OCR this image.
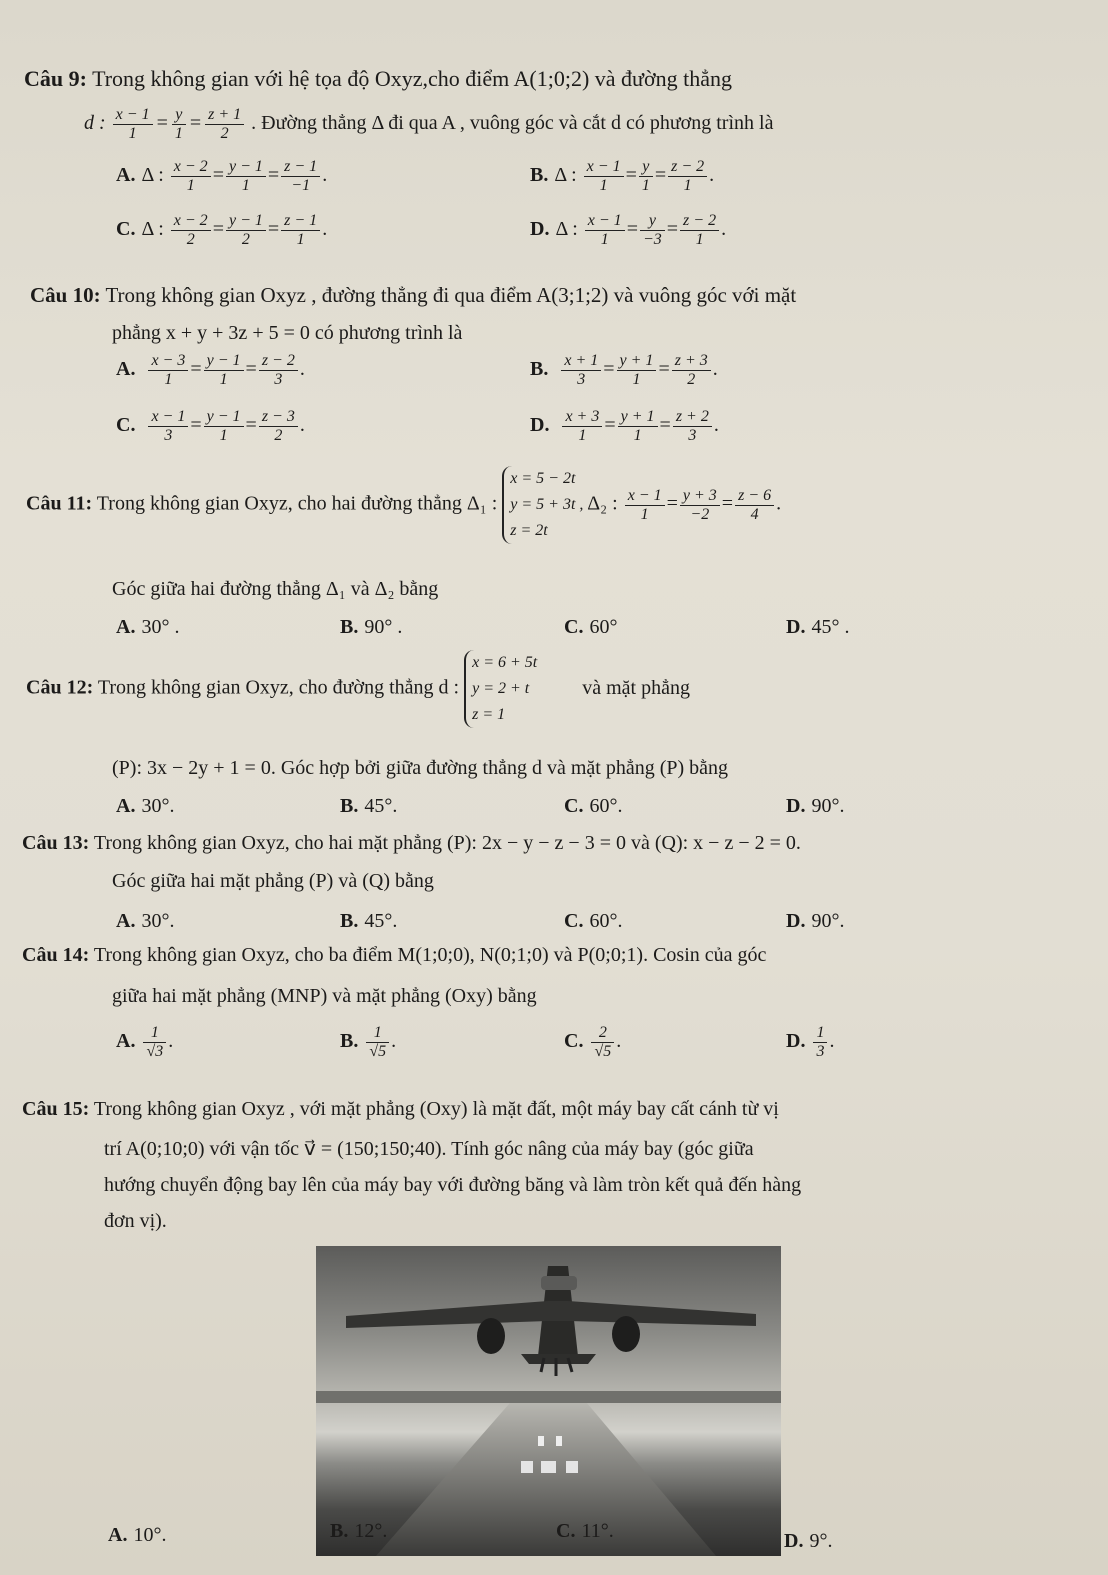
Câu 9: Trong không gian với hệ tọa độ Oxyz,cho điểm A(1;0;2) và đường thẳng
d : $\frac{x - 1}{1} = \frac{y}{1} = \frac{z + 1}{2}$ . Đường thẳng Δ đi qua A , vuông góc và cắt d có phương trình là
A. Δ : $\frac{x - 2}{1} = \frac{y - 1}{1} = \frac{z - 1}{-1}$ .	B. Δ : $\frac{x - 1}{1} = \frac{y}{1} = \frac{z - 2}{1}$ .
C. Δ : $\frac{x - 2}{2} = \frac{y - 1}{2} = \frac{z - 1}{1}$ .	D. Δ : $\frac{x - 1}{1} = \frac{y}{-3} = \frac{z - 2}{1}$ .
Câu 10: Trong không gian Oxyz , đường thẳng đi qua điểm A(3;1;2) và vuông góc với mặt
phẳng x + y + 3z + 5 = 0 có phương trình là
A. $\frac{x - 3}{1} = \frac{y - 1}{1} = \frac{z - 2}{3}$ .	B. $\frac{x + 1}{3} = \frac{y + 1}{1} = \frac{z + 3}{2}$ .
C. $\frac{x - 1}{3} = \frac{y - 1}{1} = \frac{z - 3}{2}$ .	D. $\frac{x + 3}{1} = \frac{y + 1}{1} = \frac{z + 2}{3}$ .
Câu 11: Trong không gian Oxyz, cho hai đường thẳng Δ₁ : x = 5 − 2t
y = 5 + 3t ,
z = 2t Δ₂ : $\frac{x - 1}{1} = \frac{y + 3}{-2} = \frac{z - 6}{4}$ .
Góc giữa hai đường thẳng Δ₁ và Δ₂ bằng
A. 30° .	B. 90° .	C. 60°	D. 45° .
Câu 12: Trong không gian Oxyz, cho đường thẳng d : x = 6 + 5t
y = 2 + t
z = 1 và mặt phẳng
(P): 3x − 2y + 1 = 0. Góc hợp bởi giữa đường thẳng d và mặt phẳng (P) bằng
A. 30°.	B. 45°.	C. 60°.	D. 90°.
Câu 13: Trong không gian Oxyz, cho hai mặt phẳng (P): 2x − y − z − 3 = 0 và (Q): x − z − 2 = 0.
Góc giữa hai mặt phẳng (P) và (Q) bằng
A. 30°.	B. 45°.	C. 60°.	D. 90°.
Câu 14: Trong không gian Oxyz, cho ba điểm M(1;0;0), N(0;1;0) và P(0;0;1). Cosin của góc
giữa hai mặt phẳng (MNP) và mặt phẳng (Oxy) bằng
A. $\frac{1}{√3}$ .	B. $\frac{1}{√5}$ .	C. $\frac{2}{√5}$ .	D. $\frac{1}{3}$ .
Câu 15: Trong không gian Oxyz , với mặt phẳng (Oxy) là mặt đất, một máy bay cất cánh từ vị
trí A(0;10;0) với vận tốc v⃗ = (150;150;40). Tính góc nâng của máy bay (góc giữa
hướng chuyển động bay lên của máy bay với đường băng và làm tròn kết quả đến hàng
đơn vị).
A. 10°.	B. 12°.	C. 11°.	D. 9°.
